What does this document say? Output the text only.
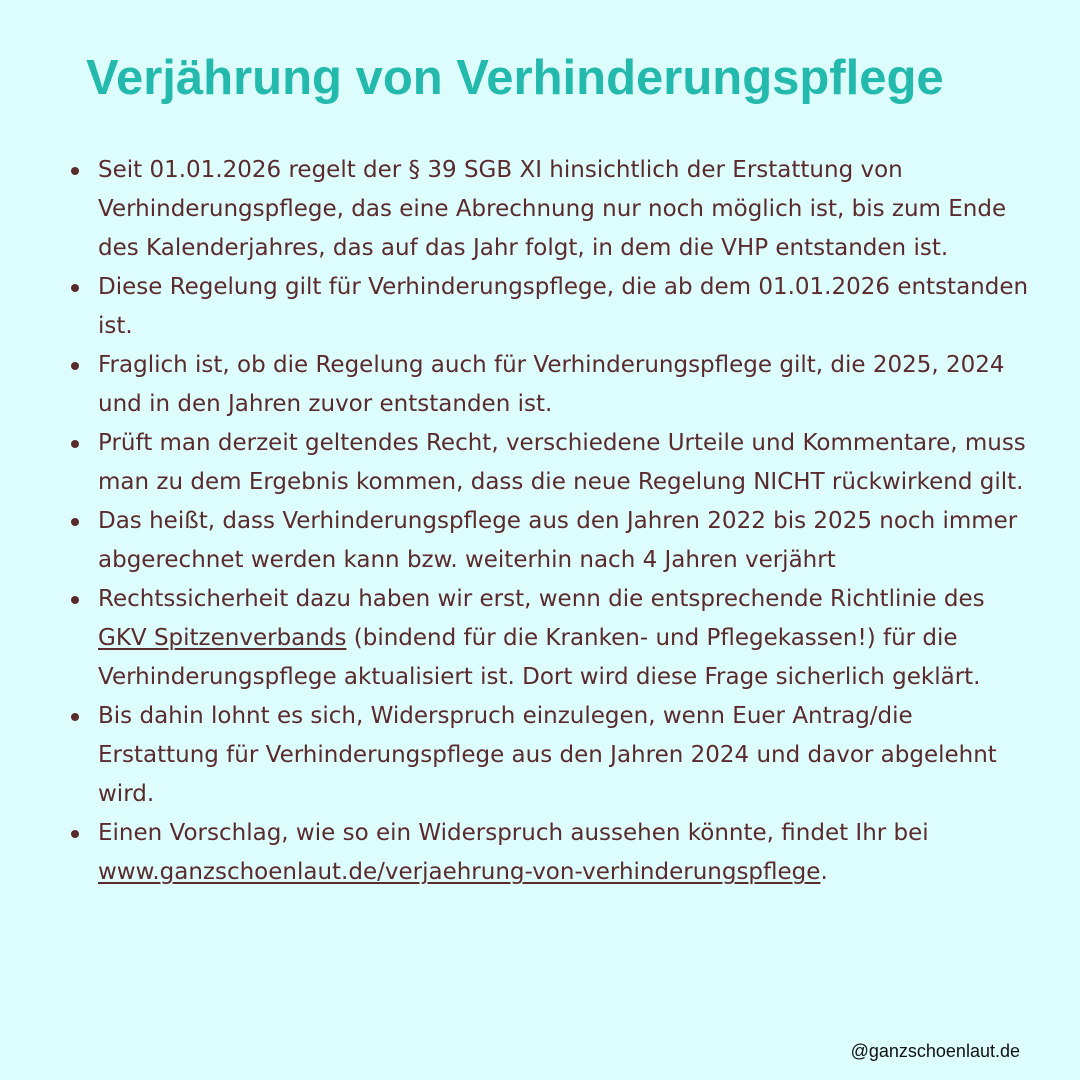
Verjährung von Verhinderungspflege
Seit 01.01.2026 regelt der § 39 SGB XI hinsichtlich der Erstattung von Verhinderungspflege, das eine Abrechnung nur noch möglich ist, bis zum Ende des Kalenderjahres, das auf das Jahr folgt, in dem die VHP entstanden ist.
Diese Regelung gilt für Verhinderungspflege, die ab dem 01.01.2026 entstanden ist.
Fraglich ist, ob die Regelung auch für Verhinderungspflege gilt, die 2025, 2024 und in den Jahren zuvor entstanden ist.
Prüft man derzeit geltendes Recht, verschiedene Urteile und Kommentare, muss man zu dem Ergebnis kommen, dass die neue Regelung NICHT rückwirkend gilt.
Das heißt, dass Verhinderungspflege aus den Jahren 2022 bis 2025 noch immer abgerechnet werden kann bzw. weiterhin nach 4 Jahren verjährt
Rechtssicherheit dazu haben wir erst, wenn die entsprechende Richtlinie des GKV Spitzenverbands (bindend für die Kranken- und Pflegekassen!) für die Verhinderungspflege aktualisiert ist. Dort wird diese Frage sicherlich geklärt.
Bis dahin lohnt es sich, Widerspruch einzulegen, wenn Euer Antrag/die Erstattung für Verhinderungspflege aus den Jahren 2024 und davor abgelehnt wird.
Einen Vorschlag, wie so ein Widerspruch aussehen könnte, findet Ihr bei www.ganzschoenlaut.de/verjaehrung-von-verhinderungspflege.
@ganzschoenlaut.de
